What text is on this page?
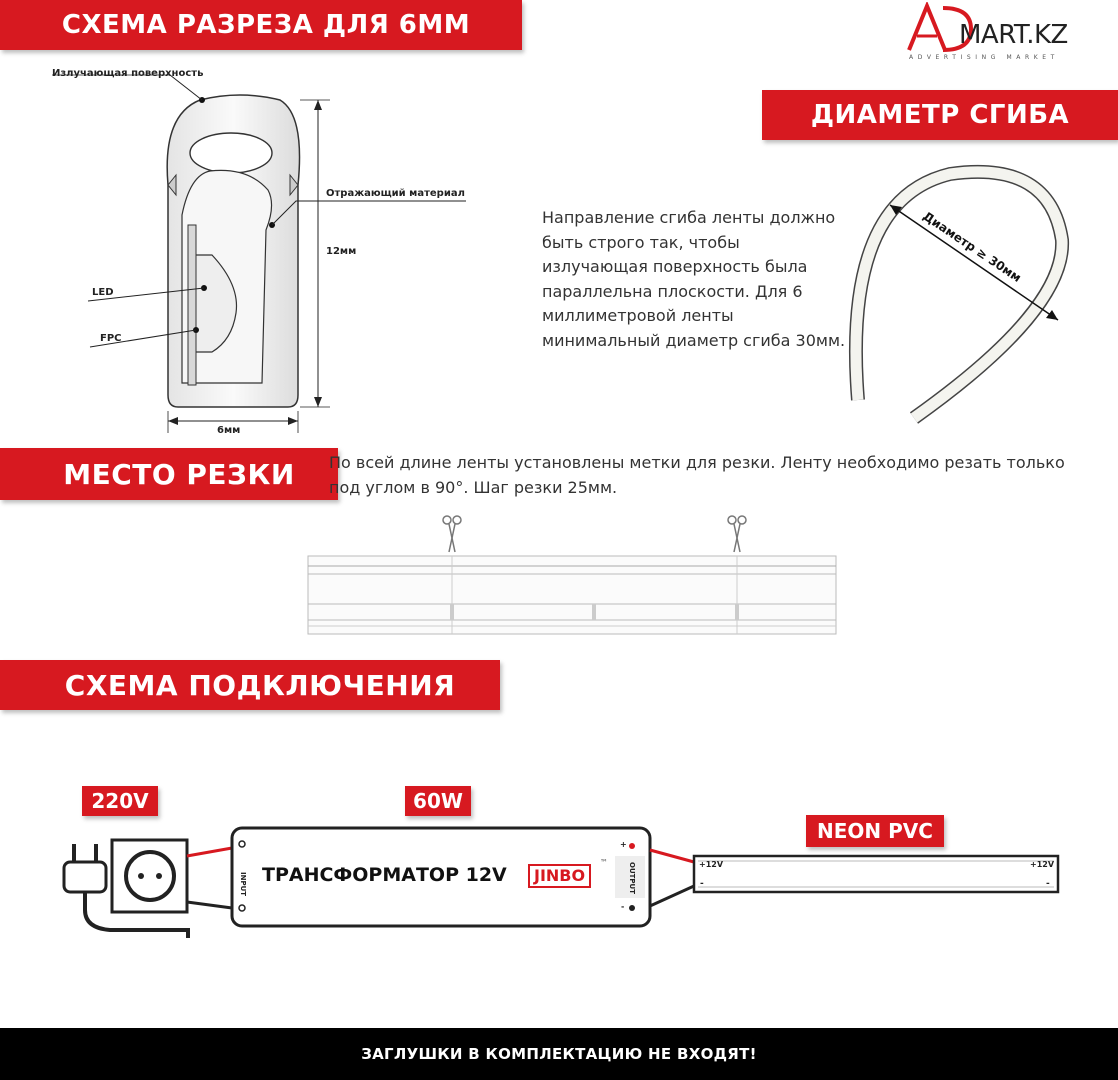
СХЕМА РАЗРЕЗА ДЛЯ 6ММ
ДИАМЕТР СГИБА
МЕСТО РЕЗКИ
СХЕМА ПОДКЛЮЧЕНИЯ
MART.KZ
ADVERTISING MARKET
Излучающая поверхность
Отражающий материал
LED
FPC
12мм
6мм
Направление сгиба ленты должно быть строго так, чтобы излучающая поверхность была параллельна плоскости. Для 6 миллиметровой ленты минимальный диаметр сгиба 30мм.
Диаметр ≥ 30мм
По всей длине ленты установлены метки для резки. Ленту необходимо резать только под углом в 90°. Шаг резки 25мм.
220V	60W
NEON PVC
ТРАНСФОРМАТОР 12V	JINBO
™
INPUT	OUTPUT
+
-
+12V	+12V
-	-
ЗАГЛУШКИ В КОМПЛЕКТАЦИЮ НЕ ВХОДЯТ!
